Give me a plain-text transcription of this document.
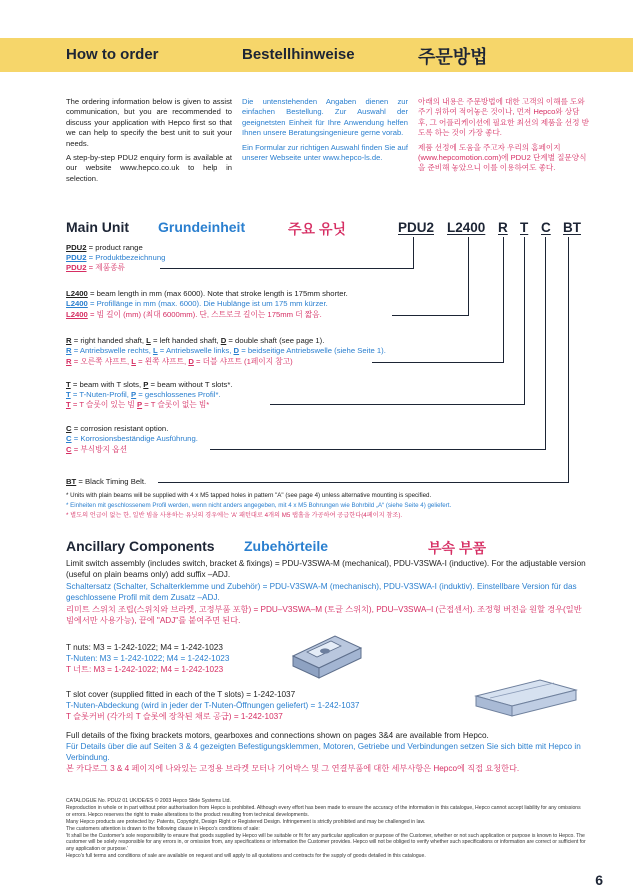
How to order	Bestellhinweise	주문방법

The ordering information below is given to assist communication, but you are recommended to discuss your application with Hepco first so that we can help to specify the best unit to suit your needs.

A step-by-step PDU2 enquiry form is available at our website www.hepco.co.uk to help in selection.

Die untenstehenden Angaben dienen zur einfachen Bestellung. Zur Auswahl der geeignetsten Einheit für Ihre Anwendung helfen Ihnen unsere Beratungsingenieure gerne vorab.

Ein Formular zur richtigen Auswahl finden Sie auf unserer Webseite unter www.hepco-ls.de.

아래의 내용은 주문방법에 대한 고객의 이해를 도와주기 위하여 적어놓은 것이나, 먼저 Hepco와 상담 후, 그 어플리케이션에 필요한 최선의 제품을 선정 받도록 하는 것이 가장 좋다.

제품 선정에 도움을 주고자 우리의 홈페이지(www.hepcomotion.com)에 PDU2 단계별 질문양식을 준비해 놓았으니 이를 이용하여도 좋다.

Main Unit Grundeinheit	주요 유닛	PDU2 L2400 R T C BT
PDU2 = product range
PDU2 = Produktbezeichnung
PDU2 = 제품종류
L2400 = beam length in mm (max 6000). Note that stroke length is 175mm shorter.
L2400 = Profillänge in mm (max. 6000). Die Hublänge ist um 175 mm kürzer.
L2400 = 빔 길이 (mm) (최대 6000mm). 단, 스트로크 길이는 175mm 더 짧음.
R = right handed shaft, L = left handed shaft, D = double shaft (see page 1).
R = Antriebswelle rechts, L = Antriebswelle links, D = beidseitige Antriebswelle (siehe Seite 1).
R = 오른쪽 샤프트, L = 왼쪽 샤프트, D = 더블 샤프트 (1페이지 참고)
T = beam with T slots, P = beam without T slots*.
T = T-Nuten-Profil, P = geschlossenes Profil*.
T = T 슬롯이 있는 빔 P = T 슬롯이 없는 빔*
C = corrosion resistant option.
C = Korrosionsbeständige Ausführung.
C = 부식방지 옵션
BT = Black Timing Belt.
* Units with plain beams will be supplied with 4 x M5 tapped holes in pattern "A" (see page 4) unless alternative mounting is specified.
* Einheiten mit geschlossenem Profil werden, wenn nicht anders angegeben, mit 4 x M5 Bohrungen wie Bohrbild „A“ (siehe Seite 4) geliefert.
* 별도의 언급이 없는 한, 일반 빔을 사용하는 유닛의 경우에는 'A' 패턴대로 4개의 M5 탭홀을 가공하여 공급한다(4페이지 참조).
Ancillary Components Zubehörteile	부속 부품
Limit switch assembly (includes switch, bracket & fixings) = PDU-V3SWA-M (mechanical), PDU-V3SWA-I (inductive). For the adjustable version (useful on plain beams only) add suffix –ADJ.
Schaltersatz (Schalter, Schalterklemme und Zubehör) = PDU-V3SWA-M (mechanisch), PDU-V3SWA-I (induktiv). Einstellbare Version für das geschlossene Profil mit dem Zusatz –ADJ.
리미트 스위치 조립(스위치와 브라켓, 고정부품 포함) = PDU–V3SWA–M (토글 스위치), PDU–V3SWA–I (근접센서). 조정형 버전을 원할 경우(일반 빔에서만 사용가능), 끝에 "ADJ"를 붙여주면 된다.
T nuts: M3 = 1-242-1022; M4 = 1-242-1023
T-Nuten: M3 = 1-242-1022; M4 = 1-242-1023
T 너트: M3 = 1-242-1022; M4 = 1-242-1023
T slot cover (supplied fitted in each of the T slots) = 1-242-1037
T-Nuten-Abdeckung (wird in jeder der T-Nuten-Öffnungen geliefert) = 1-242-1037
T 슬롯커버 (각가의 T 슬롯에 장착된 채로 공급) = 1-242-1037
Full details of the fixing brackets motors, gearboxes and connections shown on pages 3&4 are available from Hepco.
Für Details über die auf Seiten 3 & 4 gezeigten Befestigungsklemmen, Motoren, Getriebe und Verbindungen setzen Sie sich bitte mit Hepco in Verbindung.
본 카다로그 3 & 4 페이지에 나와있는 고정용 브라켓 모터나 기어박스 및 그 연결부품에 대한 세부사항은 Hepco에 직접 요청한다.

CATALOGUE No. PDU2 01 UK/DE/ES © 2003 Hepco Slide Systems Ltd.

Reproduction in whole or in part without prior authorisation from Hepco is prohibited. Although every effort has been made to ensure the accuracy of the information in this catalogue, Hepco cannot accept liability for any omissions or errors. Hepco reserves the right to make alterations to the product resulting from technical developments.

Many Hepco products are protected by: Patents, Copyright, Design Right or Registered Design. Infringement is strictly prohibited and may be challenged in law.

The customers attention is drawn to the following clause in Hepco's conditions of sale:

'It shall be the Customer's sole responsibility to ensure that goods supplied by Hepco will be suitable or fit for any particular application or purpose of the Customer, whether or not such application or purpose is known to Hepco. The customer will be solely responsible for any errors in, or omission from, any specifications or information the Customer provides. Hepco will not be obliged to verify whether such specifications or information are correct or sufficient for any application or purpose.'

Hepco's full terms and conditions of sale are available on request and will apply to all quotations and contracts for the supply of goods detailed in this catalogue.

6
